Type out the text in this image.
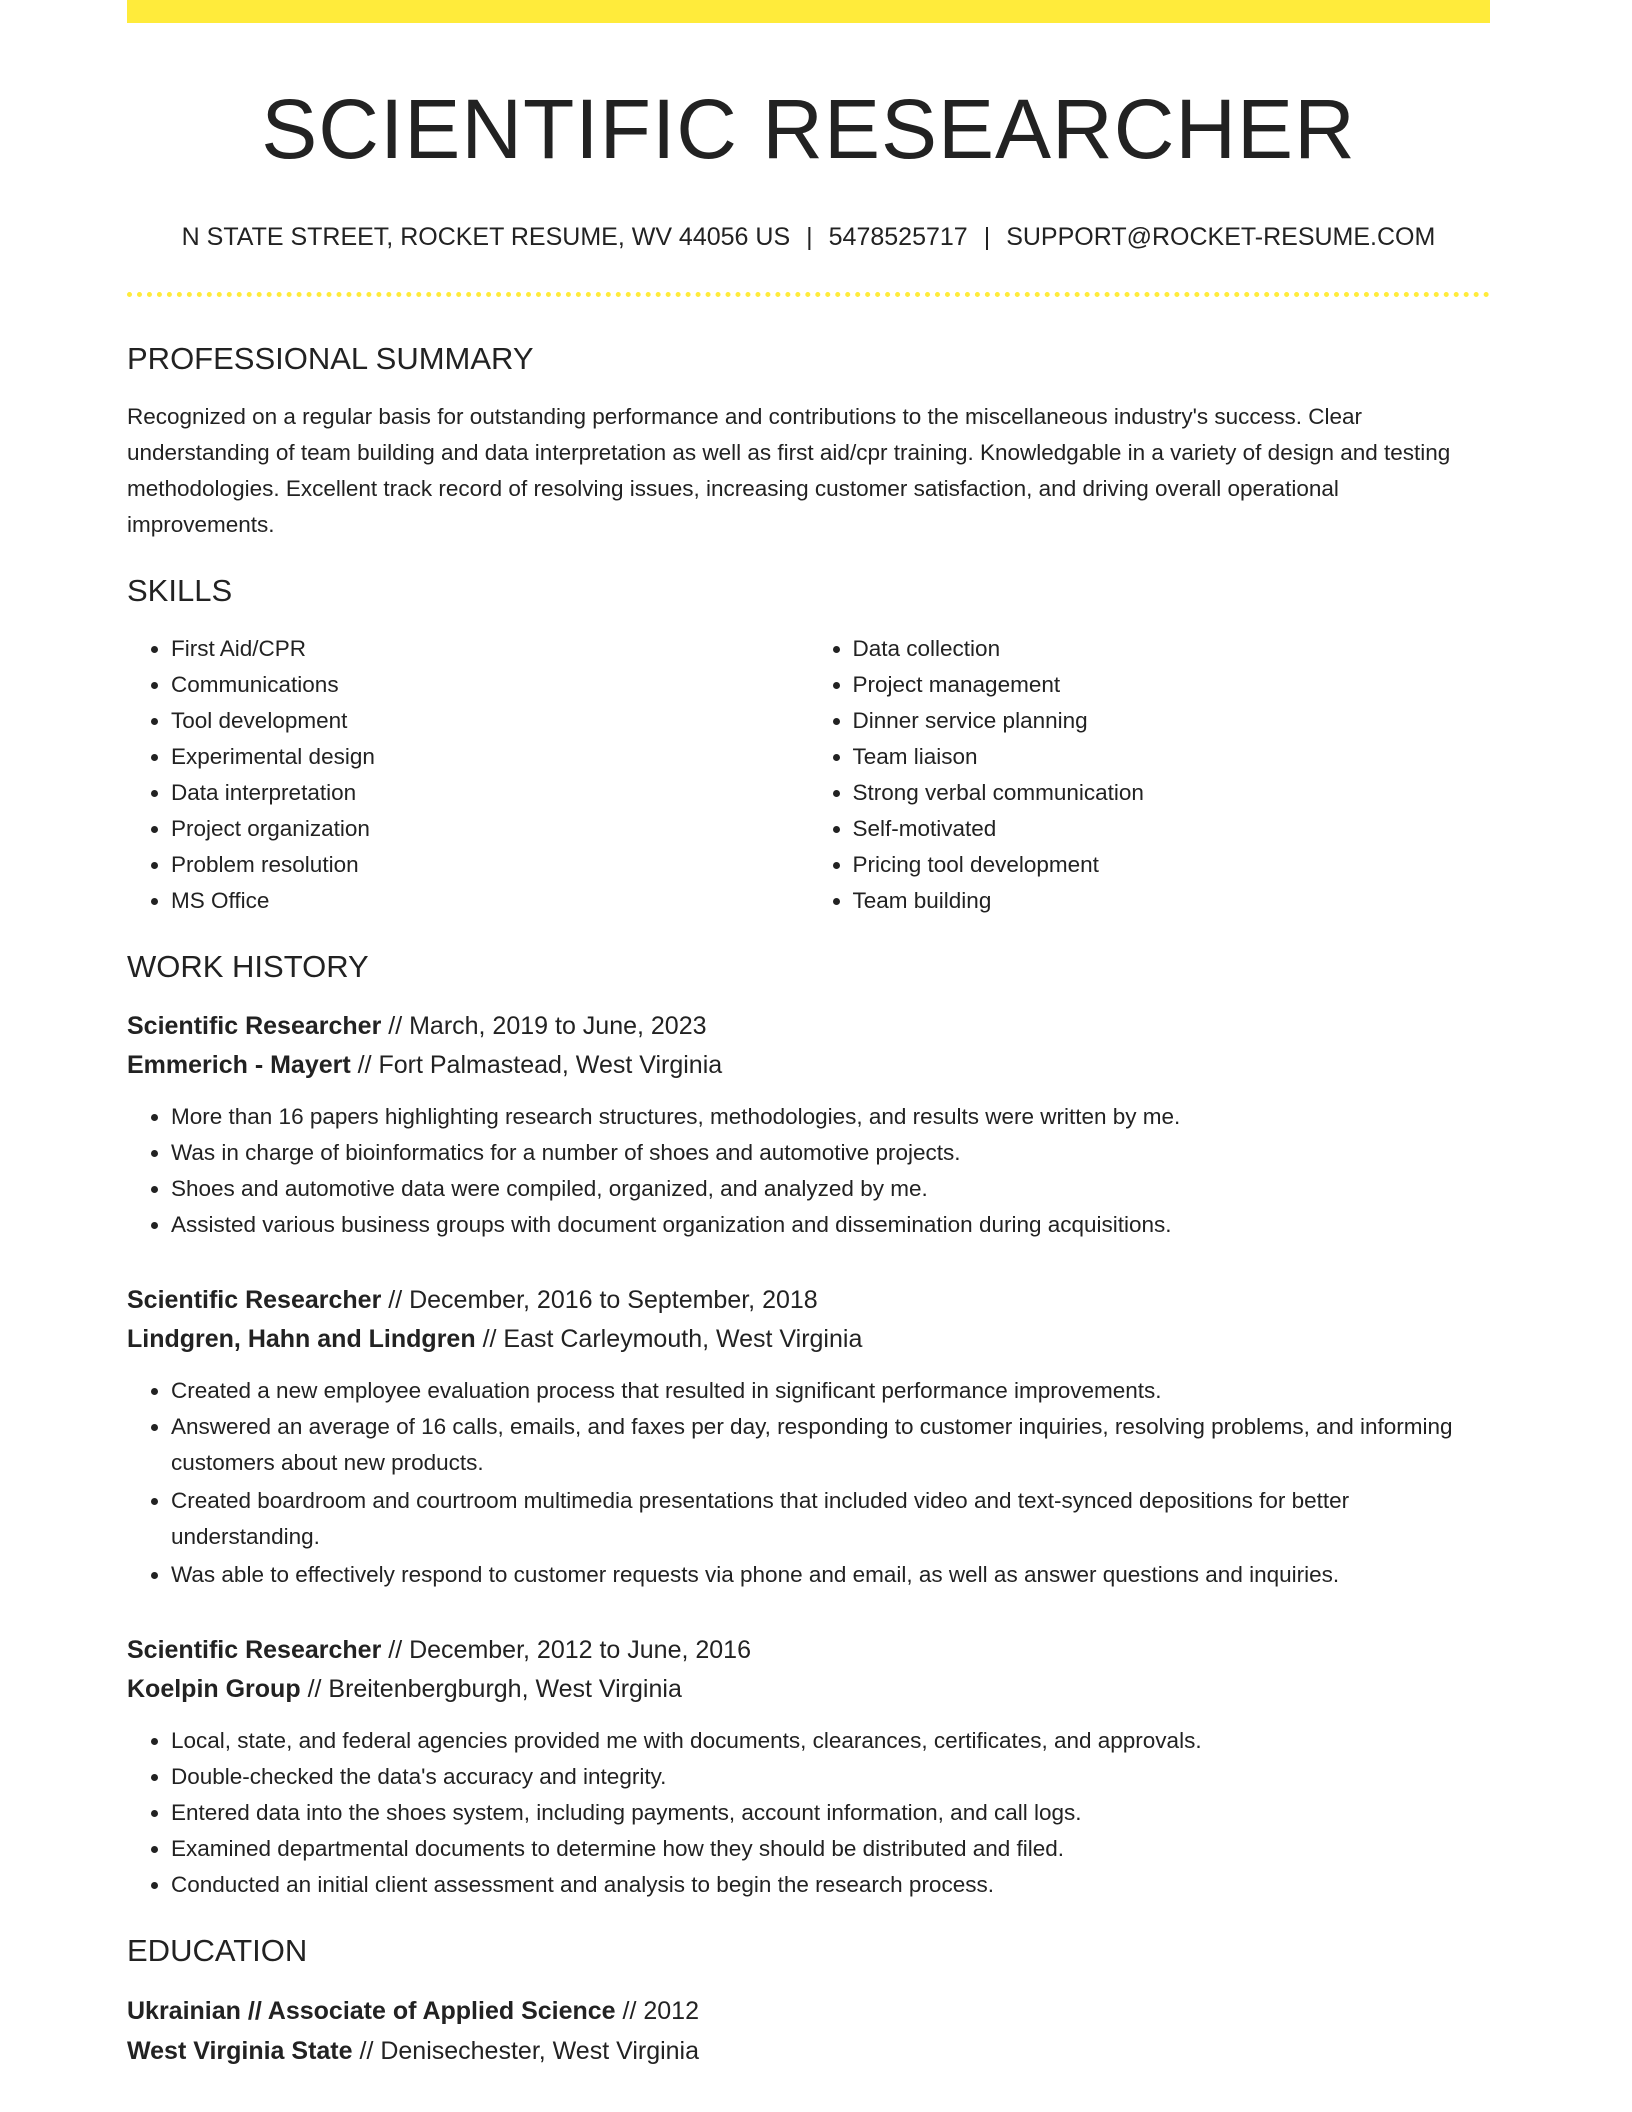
SCIENTIFIC RESEARCHER
N STATE STREET, ROCKET RESUME, WV 44056 US | 5478525717 | SUPPORT@ROCKET-RESUME.COM
PROFESSIONAL SUMMARY

Recognized on a regular basis for outstanding performance and contributions to the miscellaneous industry's success. Clear understanding of team building and data interpretation as well as first aid/cpr training. Knowledgable in a variety of design and testing methodologies. Excellent track record of resolving issues, increasing customer satisfaction, and driving overall operational improvements.

SKILLS
• First Aid/CPR
• Communications
• Tool development
• Experimental design
• Data interpretation
• Project organization
• Problem resolution
• MS Office
• Data collection
• Project management
• Dinner service planning
• Team liaison
• Strong verbal communication
• Self-motivated
• Pricing tool development
• Team building
WORK HISTORY
Scientific Researcher // March, 2019 to June, 2023
Emmerich - Mayert // Fort Palmastead, West Virginia
• More than 16 papers highlighting research structures, methodologies, and results were written by me.
• Was in charge of bioinformatics for a number of shoes and automotive projects.
• Shoes and automotive data were compiled, organized, and analyzed by me.
• Assisted various business groups with document organization and dissemination during acquisitions.
Scientific Researcher // December, 2016 to September, 2018
Lindgren, Hahn and Lindgren // East Carleymouth, West Virginia
• Created a new employee evaluation process that resulted in significant performance improvements.
• Answered an average of 16 calls, emails, and faxes per day, responding to customer inquiries, resolving problems, and informing customers about new products.
• Created boardroom and courtroom multimedia presentations that included video and text-synced depositions for better understanding.
• Was able to effectively respond to customer requests via phone and email, as well as answer questions and inquiries.
Scientific Researcher // December, 2012 to June, 2016
Koelpin Group // Breitenbergburgh, West Virginia
• Local, state, and federal agencies provided me with documents, clearances, certificates, and approvals.
• Double-checked the data's accuracy and integrity.
• Entered data into the shoes system, including payments, account information, and call logs.
• Examined departmental documents to determine how they should be distributed and filed.
• Conducted an initial client assessment and analysis to begin the research process.
EDUCATION
Ukrainian // Associate of Applied Science // 2012
West Virginia State // Denisechester, West Virginia
